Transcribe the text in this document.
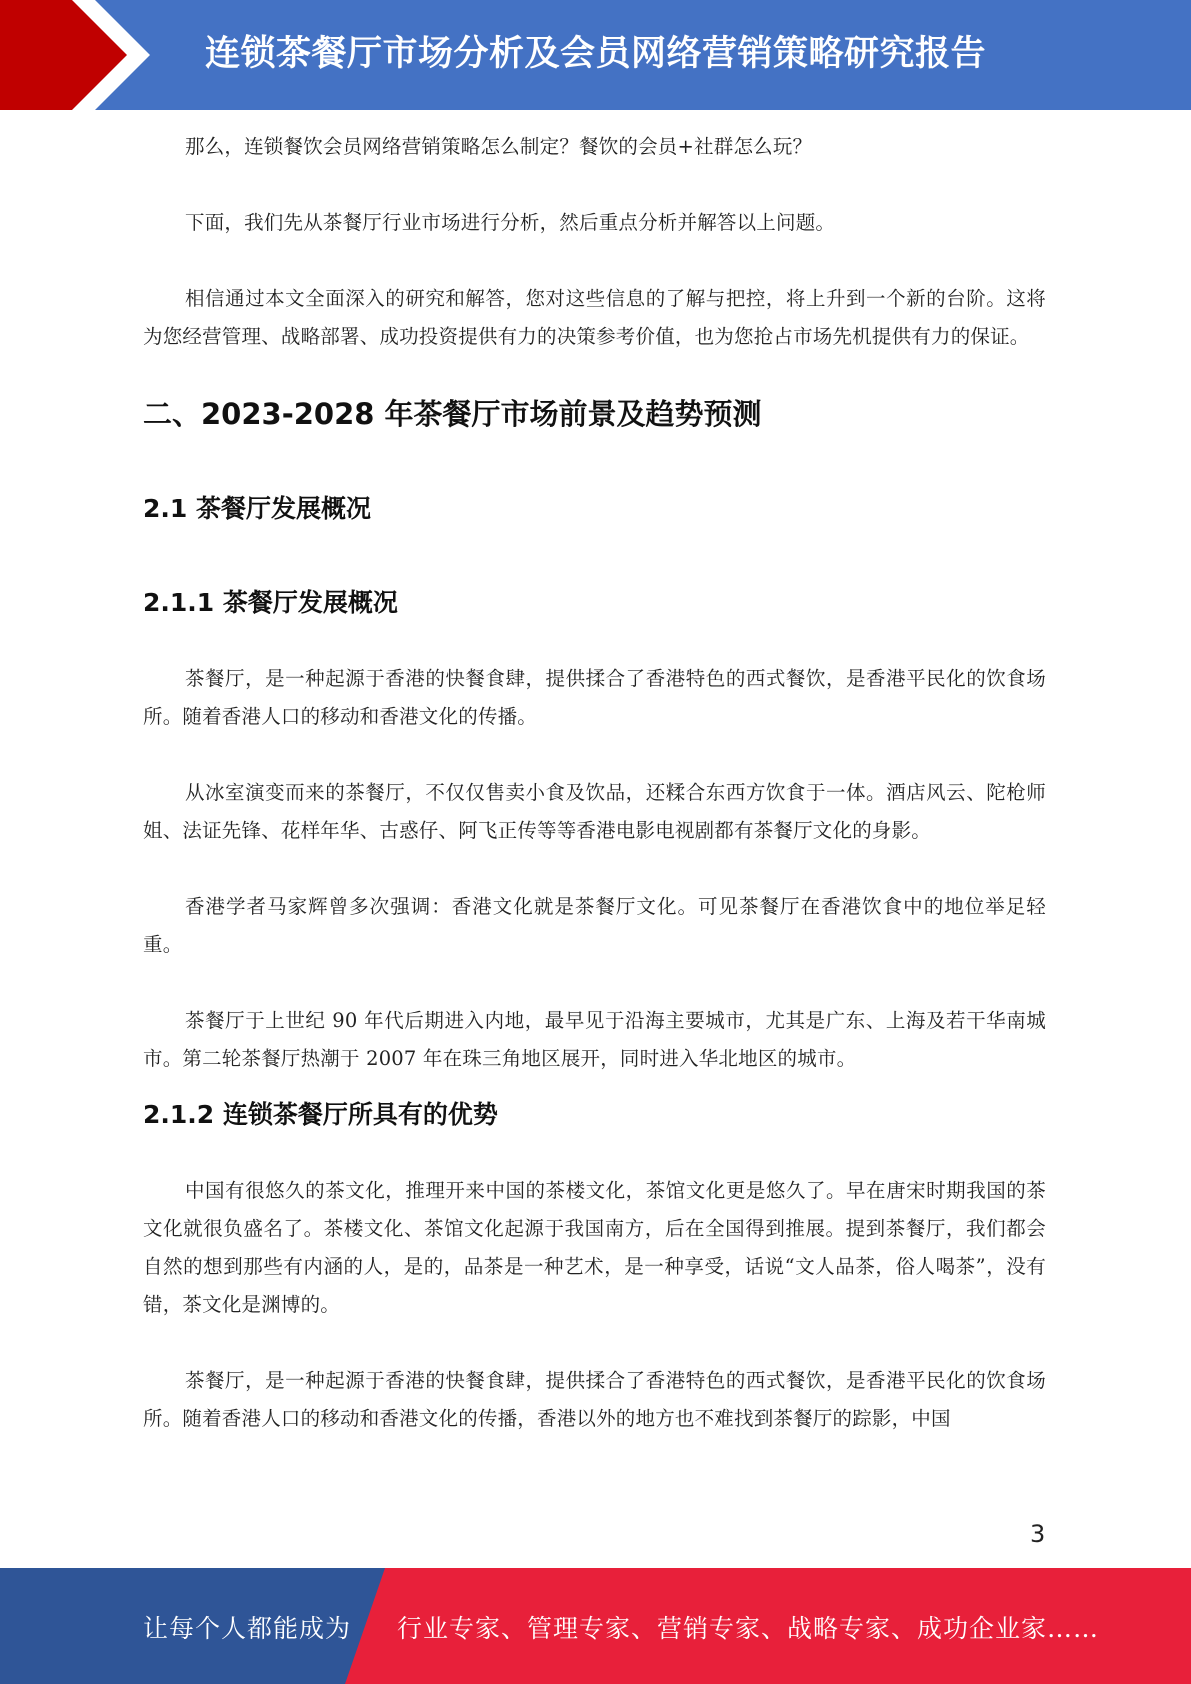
连锁茶餐厅市场分析及会员网络营销策略研究报告

那么，连锁餐饮会员网络营销策略怎么制定？餐饮的会员+社群怎么玩？

下面，我们先从茶餐厅行业市场进行分析，然后重点分析并解答以上问题。

相信通过本文全面深入的研究和解答，您对这些信息的了解与把控，将上升到一个新的台阶。这将为您经营管理、战略部署、成功投资提供有力的决策参考价值，也为您抢占市场先机提供有力的保证。

二、2023-2028 年茶餐厅市场前景及趋势预测
2.1 茶餐厅发展概况
2.1.1 茶餐厅发展概况

茶餐厅，是一种起源于香港的快餐食肆，提供揉合了香港特色的西式餐饮，是香港平民化的饮食场所。随着香港人口的移动和香港文化的传播。

从冰室演变而来的茶餐厅，不仅仅售卖小食及饮品，还糅合东西方饮食于一体。酒店风云、陀枪师姐、法证先锋、花样年华、古惑仔、阿飞正传等等香港电影电视剧都有茶餐厅文化的身影。

香港学者马家辉曾多次强调：香港文化就是茶餐厅文化。可见茶餐厅在香港饮食中的地位举足轻重。

茶餐厅于上世纪 90 年代后期进入内地，最早见于沿海主要城市，尤其是广东、上海及若干华南城市。第二轮茶餐厅热潮于 2007 年在珠三角地区展开，同时进入华北地区的城市。

2.1.2 连锁茶餐厅所具有的优势

中国有很悠久的茶文化，推理开来中国的茶楼文化，茶馆文化更是悠久了。早在唐宋时期我国的茶文化就很负盛名了。茶楼文化、茶馆文化起源于我国南方，后在全国得到推展。提到茶餐厅，我们都会自然的想到那些有内涵的人，是的，品茶是一种艺术，是一种享受，话说“文人品茶，俗人喝茶”，没有错，茶文化是渊博的。

茶餐厅，是一种起源于香港的快餐食肆，提供揉合了香港特色的西式餐饮，是香港平民化的饮食场所。随着香港人口的移动和香港文化的传播，香港以外的地方也不难找到茶餐厅的踪影，中国

3
让每个人都能成为 行业专家、管理专家、营销专家、战略专家、成功企业家……
